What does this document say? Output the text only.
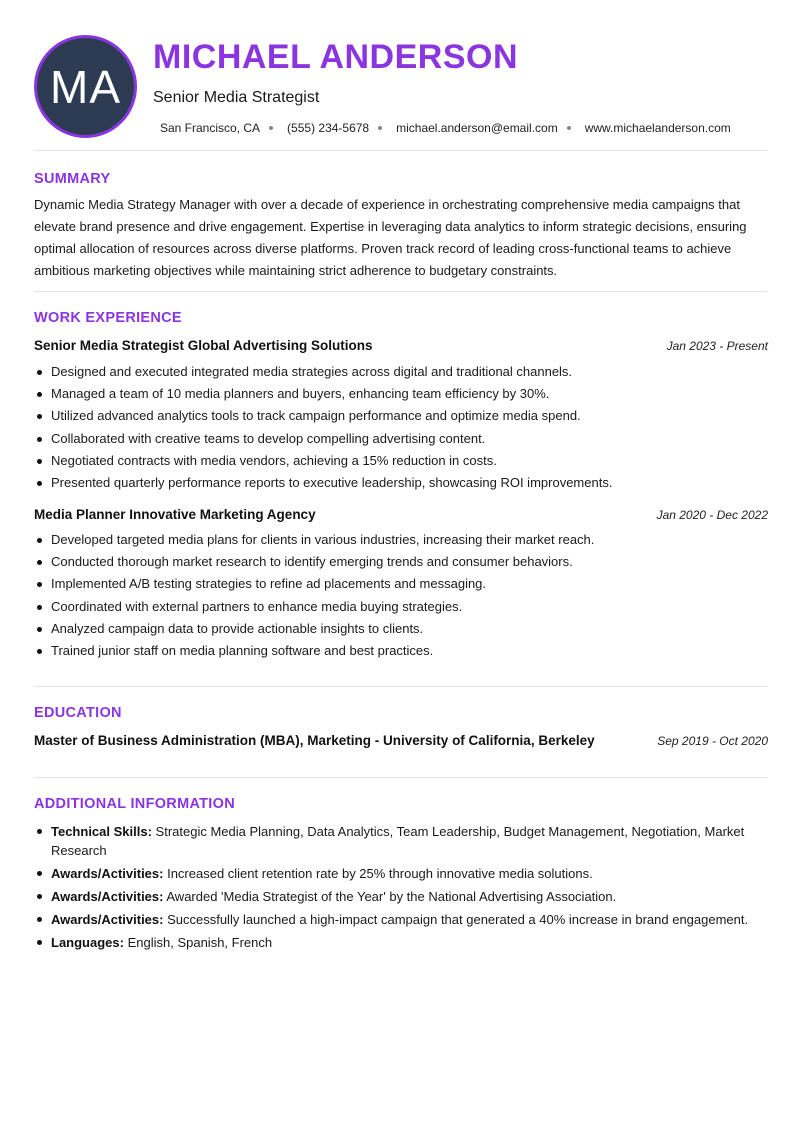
MA
MICHAEL ANDERSON
Senior Media Strategist
San Francisco, CA (555) 234-5678 michael.anderson@email.com www.michaelanderson.com
SUMMARY
Dynamic Media Strategy Manager with over a decade of experience in orchestrating comprehensive media campaigns that elevate brand presence and drive engagement. Expertise in leveraging data analytics to inform strategic decisions, ensuring optimal allocation of resources across diverse platforms. Proven track record of leading cross-functional teams to achieve ambitious marketing objectives while maintaining strict adherence to budgetary constraints.
WORK EXPERIENCE
Senior Media Strategist Global Advertising Solutions	Jan 2023 - Present
Designed and executed integrated media strategies across digital and traditional channels.
Managed a team of 10 media planners and buyers, enhancing team efficiency by 30%.
Utilized advanced analytics tools to track campaign performance and optimize media spend.
Collaborated with creative teams to develop compelling advertising content.
Negotiated contracts with media vendors, achieving a 15% reduction in costs.
Presented quarterly performance reports to executive leadership, showcasing ROI improvements.
Media Planner Innovative Marketing Agency	Jan 2020 - Dec 2022
Developed targeted media plans for clients in various industries, increasing their market reach.
Conducted thorough market research to identify emerging trends and consumer behaviors.
Implemented A/B testing strategies to refine ad placements and messaging.
Coordinated with external partners to enhance media buying strategies.
Analyzed campaign data to provide actionable insights to clients.
Trained junior staff on media planning software and best practices.
EDUCATION
Master of Business Administration (MBA), Marketing - University of California, Berkeley	Sep 2019 - Oct 2020
ADDITIONAL INFORMATION
Technical Skills: Strategic Media Planning, Data Analytics, Team Leadership, Budget Management, Negotiation, Market Research
Awards/Activities: Increased client retention rate by 25% through innovative media solutions.
Awards/Activities: Awarded 'Media Strategist of the Year' by the National Advertising Association.
Awards/Activities: Successfully launched a high-impact campaign that generated a 40% increase in brand engagement.
Languages: English, Spanish, French
